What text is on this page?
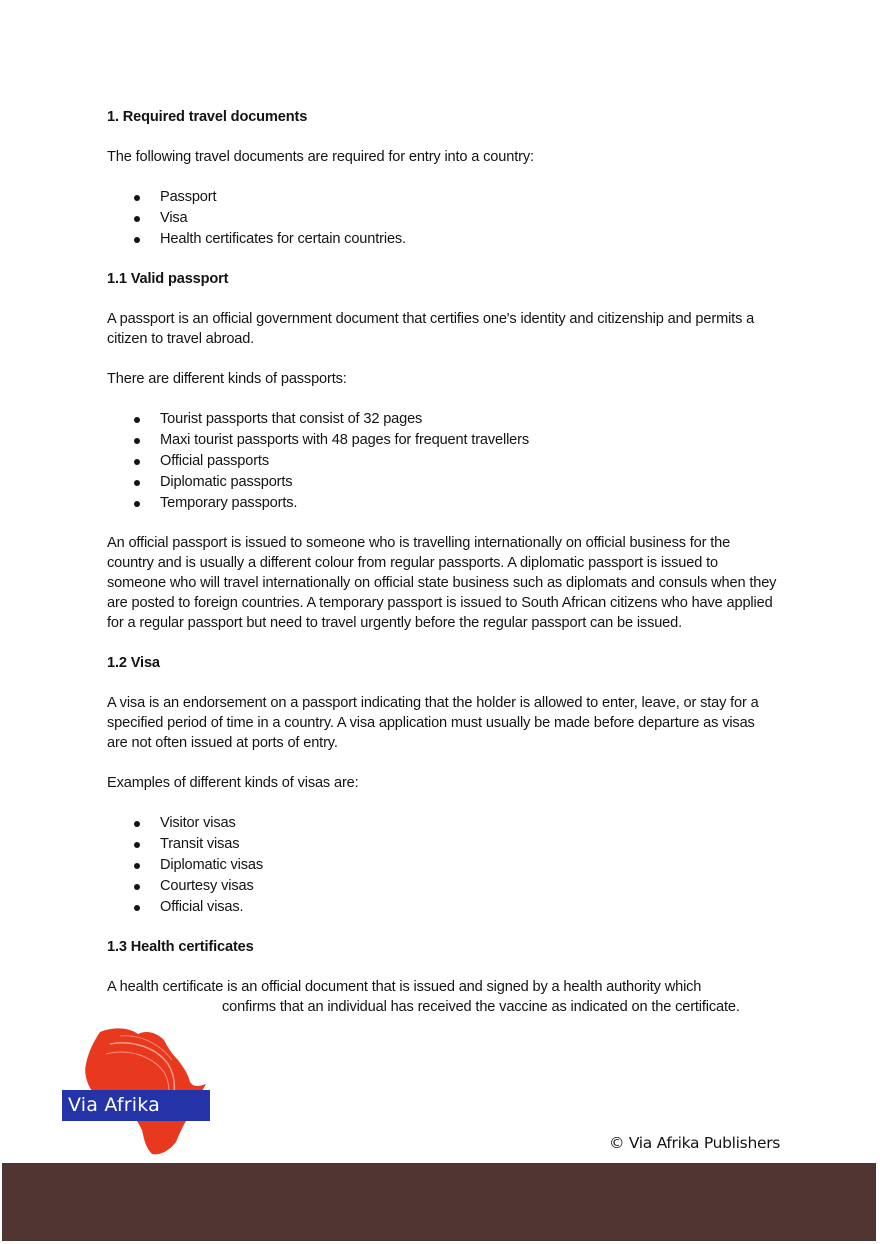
1. Required travel documents

The following travel documents are required for entry into a country:

Passport
Visa
Health certificates for certain countries.
1.1 Valid passport

A passport is an official government document that certifies one's identity and citizenship and permits a citizen to travel abroad.

There are different kinds of passports:

Tourist passports that consist of 32 pages
Maxi tourist passports with 48 pages for frequent travellers
Official passports
Diplomatic passports
Temporary passports.

An official passport is issued to someone who is travelling internationally on official business for the country and is usually a different colour from regular passports. A diplomatic passport is issued to someone who will travel internationally on official state business such as diplomats and consuls when they are posted to foreign countries. A temporary passport is issued to South African citizens who have applied for a regular passport but need to travel urgently before the regular passport can be issued.

1.2 Visa

A visa is an endorsement on a passport indicating that the holder is allowed to enter, leave, or stay for a specified period of time in a country. A visa application must usually be made before departure as visas are not often issued at ports of entry.

Examples of different kinds of visas are:

Visitor visas
Transit visas
Diplomatic visas
Courtesy visas
Official visas.
1.3 Health certificates

A health certificate is an official document that is issued and signed by a health authority which
confirms that an individual has received the vaccine as indicated on the certificate.

Via Afrika
© Via Afrika Publishers
